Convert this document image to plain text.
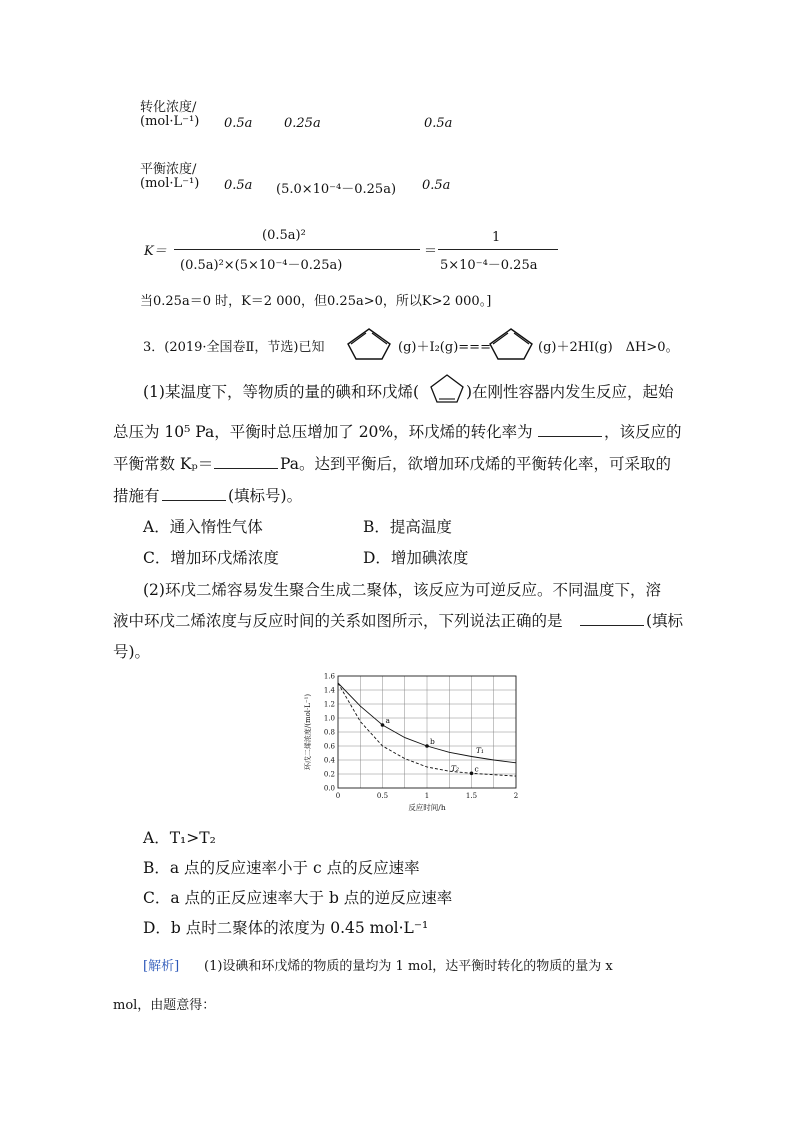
转化浓度/
(mol·L⁻¹) 0.5a 0.25a	0.5a
平衡浓度/
(mol·L⁻¹) 0.5a (5.0×10⁻⁴－0.25a) 0.5a
K＝
(0.5a)²
(0.5a)²×(5×10⁻⁴－0.25a)
＝
1
5×10⁻⁴－0.25a
当0.25a＝0 时，K＝2 000，但0.25a>0，所以K>2 000。]
3．(2019·全国卷Ⅱ，节选)已知	(g)＋I₂(g)===	(g)＋2HI(g)　ΔH>0。
(1)某温度下，等物质的量的碘和环戊烯(	)在刚性容器内发生反应，起始
总压为 10⁵ Pa，平衡时总压增加了 20%，环戊烯的转化率为	，该反应的
平衡常数 Kₚ＝	Pa。达到平衡后，欲增加环戊烯的平衡转化率，可采取的
措施有	(填标号)。
A．通入惰性气体	B．提高温度
C．增加环戊烯浓度	D．增加碘浓度
(2)环戊二烯容易发生聚合生成二聚体，该反应为可逆反应。不同温度下，溶
液中环戊二烯浓度与反应时间的关系如图所示，下列说法正确的是	(填标
号)。
0.0
0.2
0.4
0.6
0.8
1.0
1.2
1.4
1.6
0	0.5	1	1.5	2
反应时间/h
环戊二烯浓度/(mol·L⁻¹)	T₁
T₂
a
b
c
A．T₁>T₂
B．a 点的反应速率小于 c 点的反应速率
C．a 点的正反应速率大于 b 点的逆反应速率
D．b 点时二聚体的浓度为 0.45 mol·L⁻¹
[解析] (1)设碘和环戊烯的物质的量均为 1 mol，达平衡时转化的物质的量为 x
mol，由题意得：
